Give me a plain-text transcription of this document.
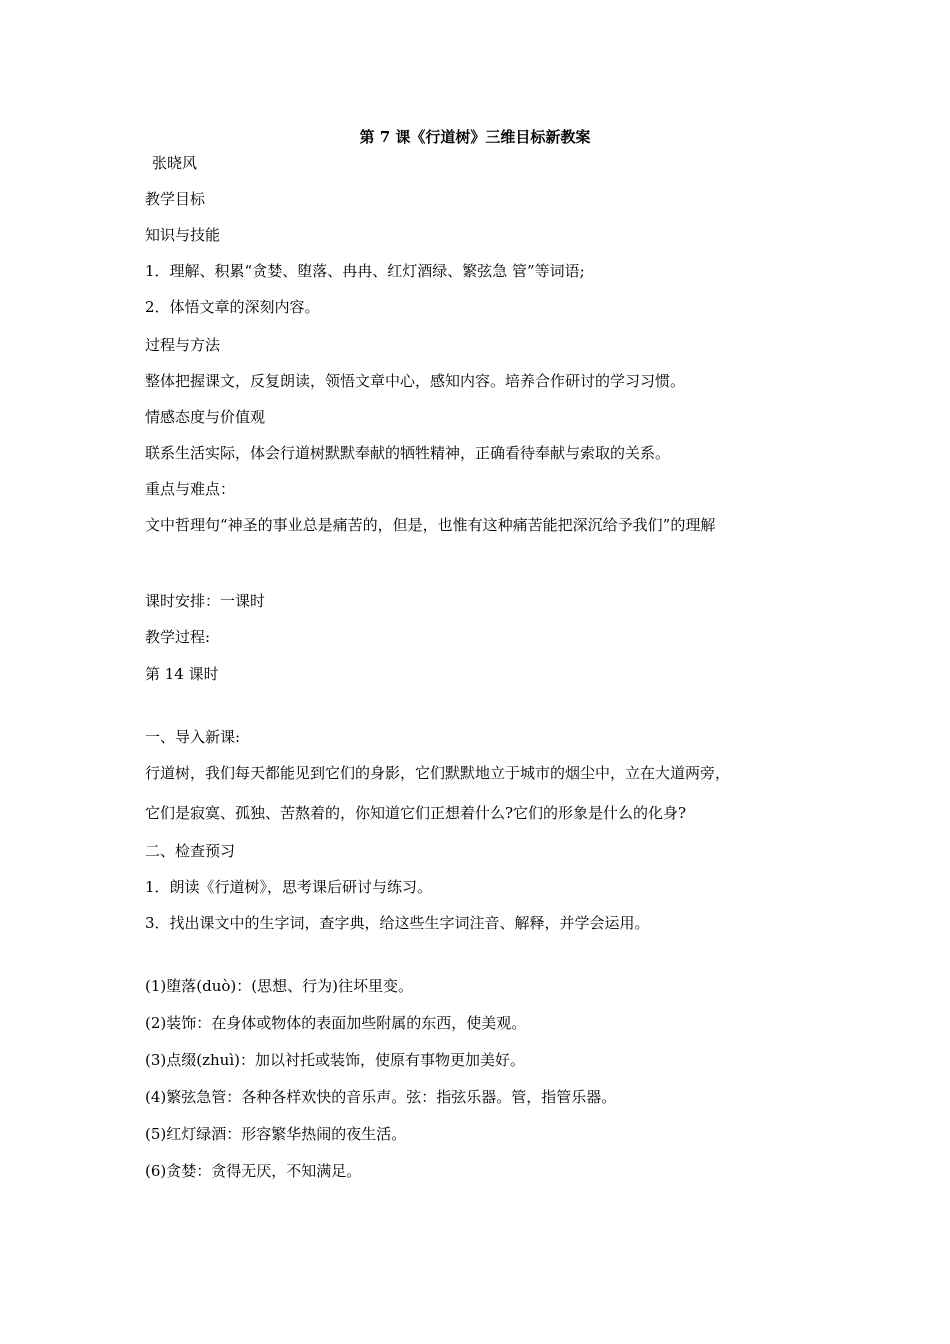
第 7 课《行道树》三维目标新教案
张晓风
教学目标
知识与技能
1．理解、积累“贪婪、堕落、冉冉、红灯酒绿、繁弦急 管”等词语;
2．体悟文章的深刻内容。
过程与方法
整体把握课文，反复朗读，领悟文章中心，感知内容。培养合作研讨的学习习惯。
情感态度与价值观
联系生活实际，体会行道树默默奉献的牺牲精神，正确看待奉献与索取的关系。
重点与难点：
文中哲理句“神圣的事业总是痛苦的，但是，也惟有这种痛苦能把深沉给予我们”的理解
课时安排：一课时
教学过程:
第 14 课时
一、导入新课:
行道树，我们每天都能见到它们的身影，它们默默地立于城市的烟尘中，立在大道两旁，
它们是寂寞、孤独、苦熬着的，你知道它们正想着什么?它们的形象是什么的化身?
二、检查预习
1．朗读《行道树》，思考课后研讨与练习。
3．找出课文中的生字词，查字典，给这些生字词注音、解释，并学会运用。
(1)堕落(duò)：(思想、行为)往坏里变。
(2)装饰：在身体或物体的表面加些附属的东西，使美观。
(3)点缀(zhuì)：加以衬托或装饰，使原有事物更加美好。
(4)繁弦急管：各种各样欢快的音乐声。弦：指弦乐器。管，指管乐器。
(5)红灯绿酒：形容繁华热闹的夜生活。
(6)贪婪：贪得无厌，不知满足。
